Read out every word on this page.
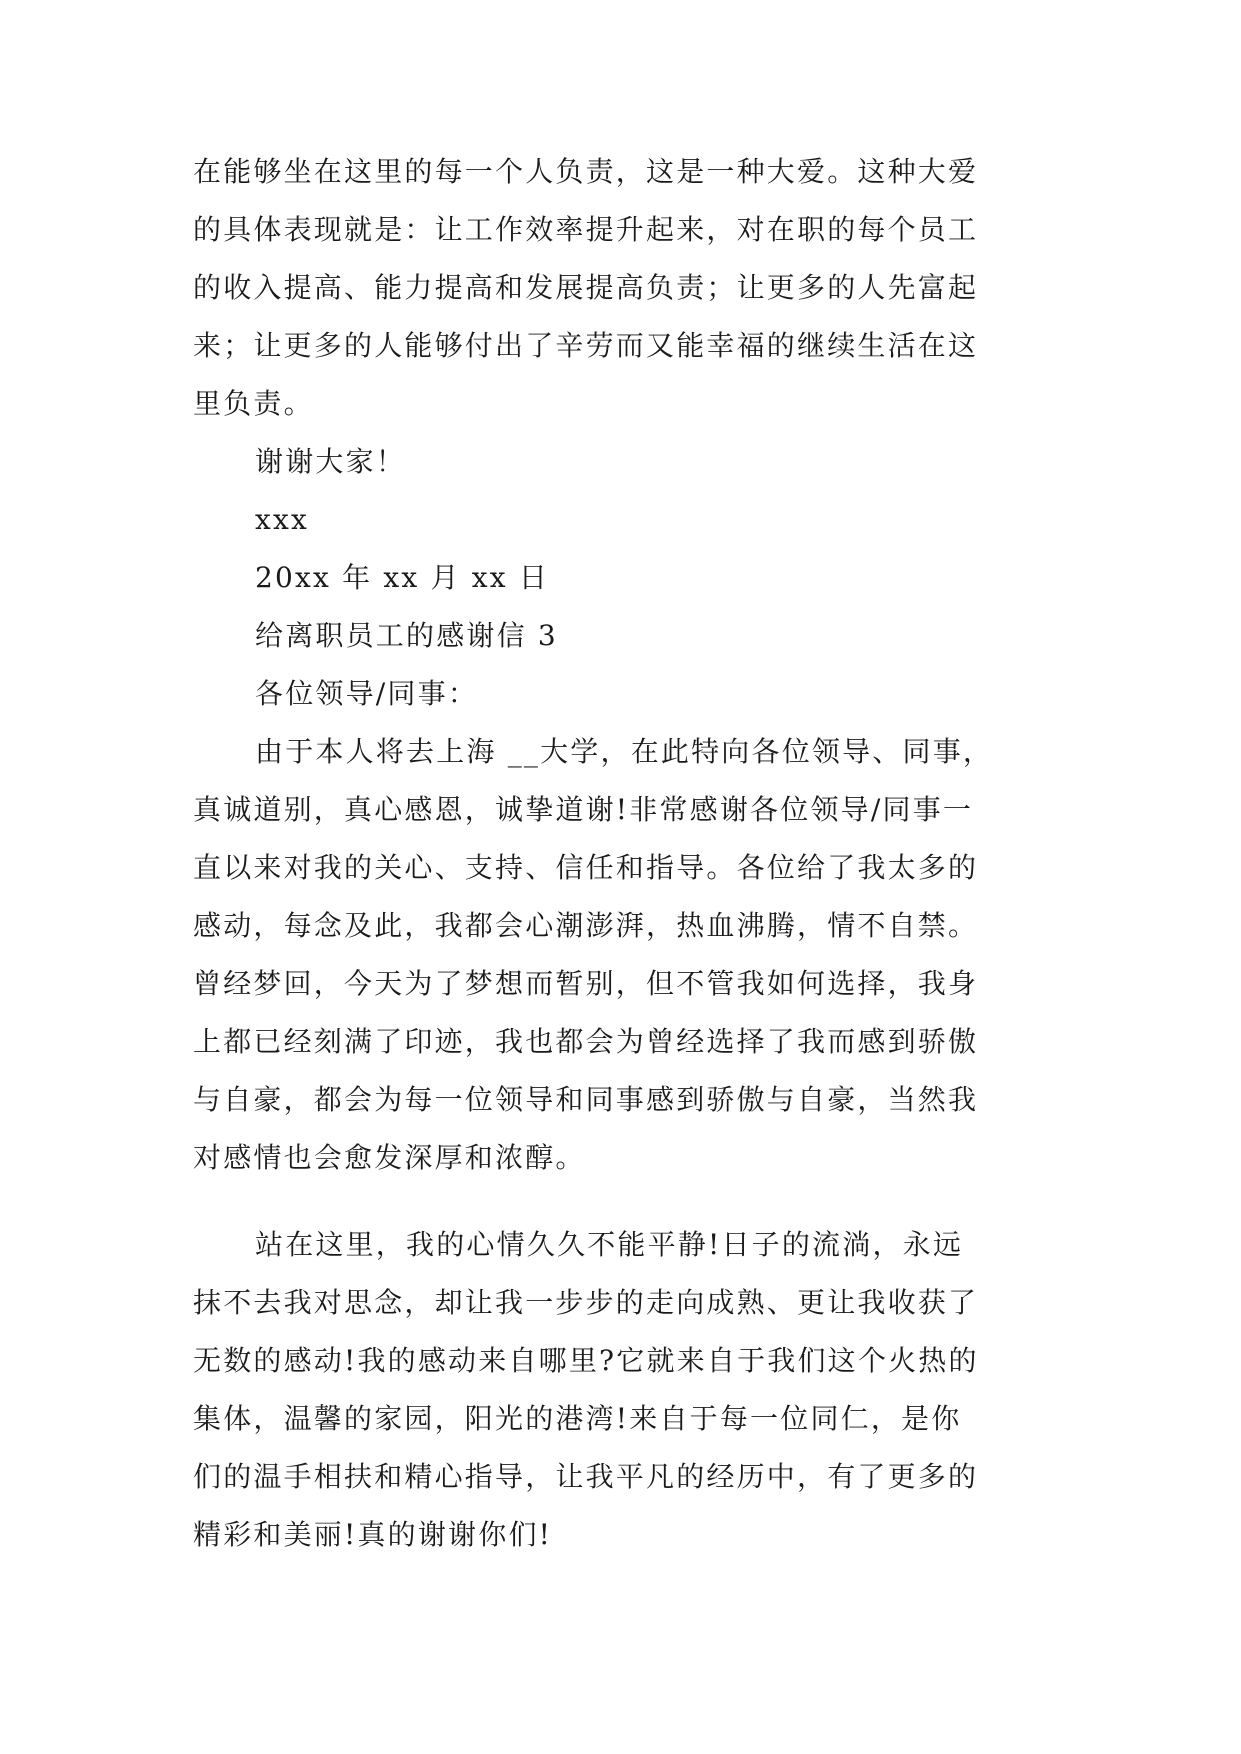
在能够坐在这里的每一个人负责，这是一种大爱。这种大爱
的具体表现就是：让工作效率提升起来，对在职的每个员工
的收入提高、能力提高和发展提高负责；让更多的人先富起
来；让更多的人能够付出了辛劳而又能幸福的继续生活在这
里负责。
谢谢大家！
xxx
20xx 年 xx 月 xx 日
给离职员工的感谢信 3
各位领导/同事：
由于本人将去上海 __大学，在此特向各位领导、同事，
真诚道别，真心感恩，诚挚道谢!非常感谢各位领导/同事一
直以来对我的关心、支持、信任和指导。各位给了我太多的
感动，每念及此，我都会心潮澎湃，热血沸腾，情不自禁。
曾经梦回，今天为了梦想而暂别，但不管我如何选择，我身
上都已经刻满了印迹，我也都会为曾经选择了我而感到骄傲
与自豪，都会为每一位领导和同事感到骄傲与自豪，当然我
对感情也会愈发深厚和浓醇。
站在这里，我的心情久久不能平静!日子的流淌，永远
抹不去我对思念，却让我一步步的走向成熟、更让我收获了
无数的感动!我的感动来自哪里?它就来自于我们这个火热的
集体，温馨的家园，阳光的港湾!来自于每一位同仁，是你
们的温手相扶和精心指导，让我平凡的经历中，有了更多的
精彩和美丽!真的谢谢你们!
